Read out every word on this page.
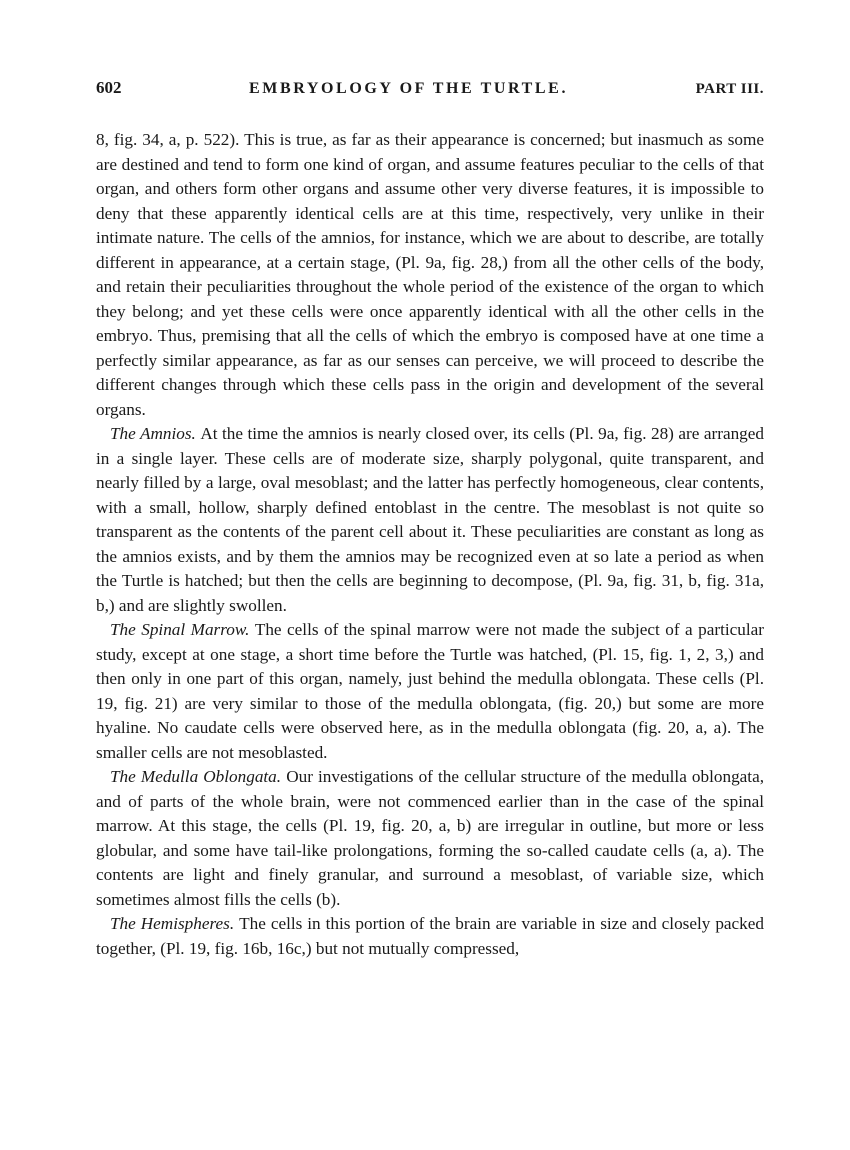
602	EMBRYOLOGY OF THE TURTLE.	PART III.

8, fig. 34, a, p. 522). This is true, as far as their appearance is concerned; but inasmuch as some are destined and tend to form one kind of organ, and assume features peculiar to the cells of that organ, and others form other organs and assume other very diverse features, it is impossible to deny that these apparently identical cells are at this time, respectively, very unlike in their intimate nature. The cells of the amnios, for instance, which we are about to describe, are totally different in appearance, at a certain stage, (Pl. 9a, fig. 28,) from all the other cells of the body, and retain their peculiarities throughout the whole period of the existence of the organ to which they belong; and yet these cells were once apparently identical with all the other cells in the embryo. Thus, premising that all the cells of which the embryo is composed have at one time a perfectly similar appearance, as far as our senses can perceive, we will proceed to describe the different changes through which these cells pass in the origin and development of the several organs.

The Amnios. At the time the amnios is nearly closed over, its cells (Pl. 9a, fig. 28) are arranged in a single layer. These cells are of moderate size, sharply polygonal, quite transparent, and nearly filled by a large, oval mesoblast; and the latter has perfectly homogeneous, clear contents, with a small, hollow, sharply defined entoblast in the centre. The mesoblast is not quite so transparent as the contents of the parent cell about it. These peculiarities are constant as long as the amnios exists, and by them the amnios may be recognized even at so late a period as when the Turtle is hatched; but then the cells are beginning to decompose, (Pl. 9a, fig. 31, b, fig. 31a, b,) and are slightly swollen.

The Spinal Marrow. The cells of the spinal marrow were not made the subject of a particular study, except at one stage, a short time before the Turtle was hatched, (Pl. 15, fig. 1, 2, 3,) and then only in one part of this organ, namely, just behind the medulla oblongata. These cells (Pl. 19, fig. 21) are very similar to those of the medulla oblongata, (fig. 20,) but some are more hyaline. No caudate cells were observed here, as in the medulla oblongata (fig. 20, a, a). The smaller cells are not mesoblasted.

The Medulla Oblongata. Our investigations of the cellular structure of the medulla oblongata, and of parts of the whole brain, were not commenced earlier than in the case of the spinal marrow. At this stage, the cells (Pl. 19, fig. 20, a, b) are irregular in outline, but more or less globular, and some have tail-like prolongations, forming the so-called caudate cells (a, a). The contents are light and finely granular, and surround a mesoblast, of variable size, which sometimes almost fills the cells (b).

The Hemispheres. The cells in this portion of the brain are variable in size and closely packed together, (Pl. 19, fig. 16b, 16c,) but not mutually compressed,
